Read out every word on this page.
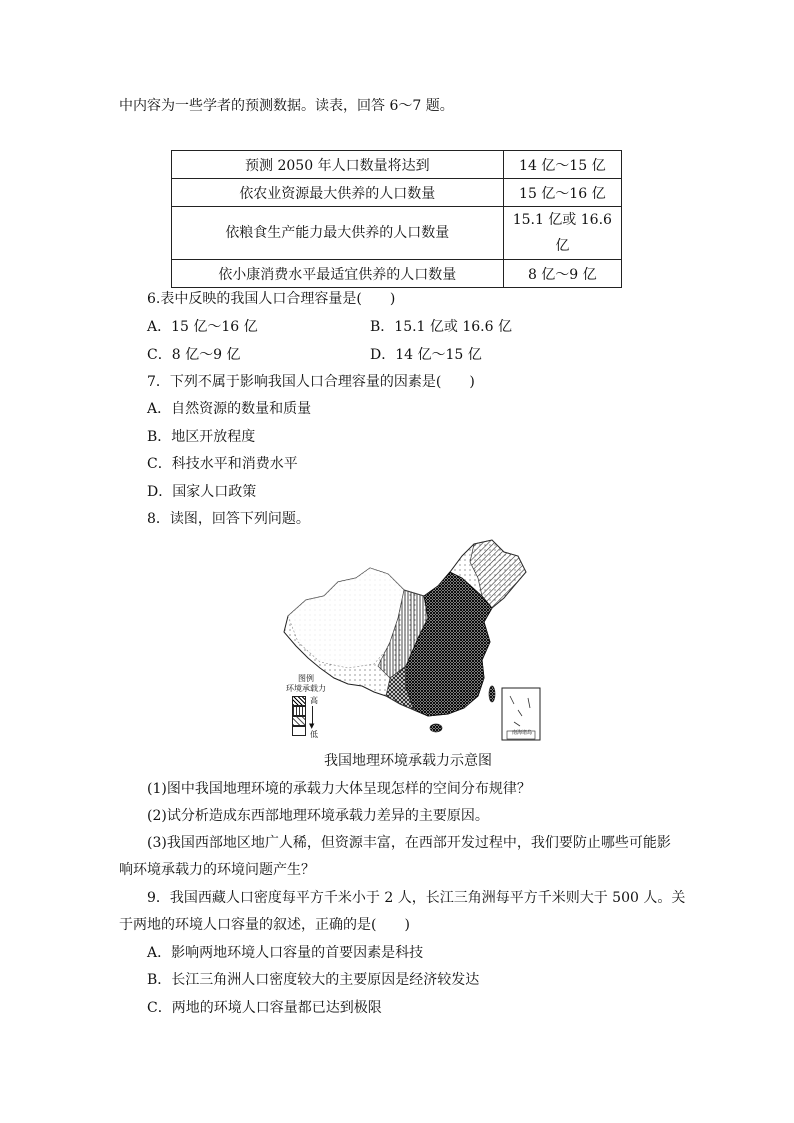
中内容为一些学者的预测数据。读表，回答 6～7 题。
预测 2050 年人口数量将达到	14 亿～15 亿
依农业资源最大供养的人口数量	15 亿～16 亿
依粮食生产能力最大供养的人口数量	15.1 亿或 16.6 亿
依小康消费水平最适宜供养的人口数量	8 亿～9 亿
6.表中反映的我国人口合理容量是(　　)
A．15 亿～16 亿	B．15.1 亿或 16.6 亿
C．8 亿～9 亿	D．14 亿～15 亿
7．下列不属于影响我国人口合理容量的因素是(　　)
A．自然资源的数量和质量
B．地区开放程度
C．科技水平和消费水平
D．国家人口政策
8．读图，回答下列问题。
图例
环境承载力
高
▼
低	南海诸岛
我国地理环境承载力示意图
(1)图中我国地理环境的承载力大体呈现怎样的空间分布规律？
(2)试分析造成东西部地理环境承载力差异的主要原因。
(3)我国西部地区地广人稀，但资源丰富，在西部开发过程中，我们要防止哪些可能影
响环境承载力的环境问题产生？
9．我国西藏人口密度每平方千米小于 2 人，长江三角洲每平方千米则大于 500 人。关
于两地的环境人口容量的叙述，正确的是(　　)
A．影响两地环境人口容量的首要因素是科技
B．长江三角洲人口密度较大的主要原因是经济较发达
C．两地的环境人口容量都已达到极限
